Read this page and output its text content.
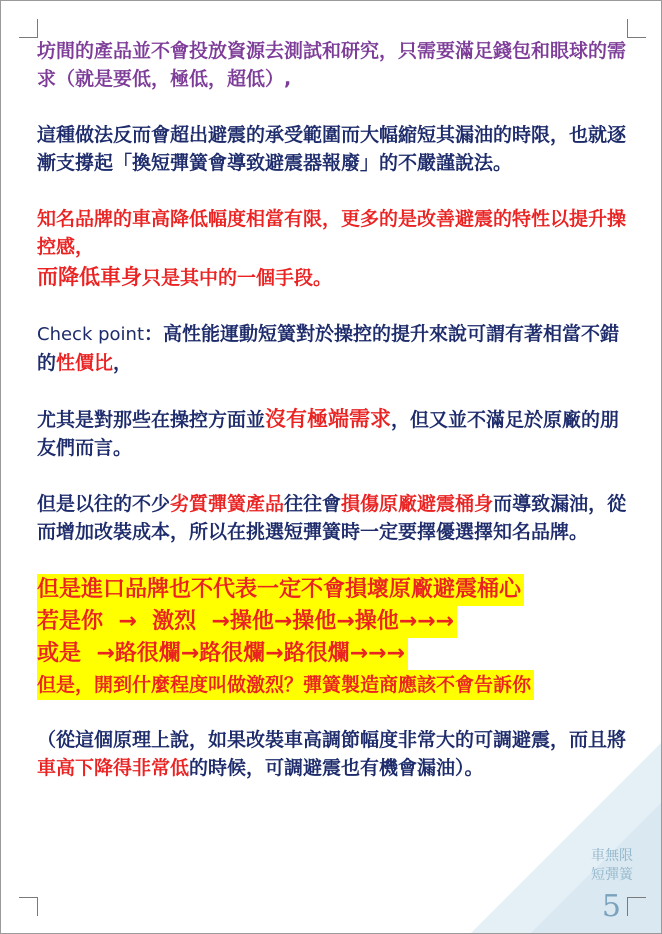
坊間的產品並不會投放資源去測試和研究，只需要滿足錢包和眼球的需求（就是要低，極低，超低）,

這種做法反而會超出避震的承受範圍而大幅縮短其漏油的時限，也就逐漸支撐起「換短彈簧會導致避震器報廢」的不嚴謹說法。

知名品牌的車高降低幅度相當有限，更多的是改善避震的特性以提升操控感，

而降低車身只是其中的一個手段。

Check point：高性能運動短簧對於操控的提升來說可謂有著相當不錯的性價比，

尤其是對那些在操控方面並沒有極端需求，但又並不滿足於原廠的朋友們而言。

但是以往的不少劣質彈簧產品往往會損傷原廠避震桶身而導致漏油，從而增加改裝成本，所以在挑選短彈簧時一定要擇優選擇知名品牌。

但是進口品牌也不代表一定不會損壞原廠避震桶心
若是你  →  激烈  →操他→操他→操他→→→
或是  →路很爛→路很爛→路很爛→→→
但是，開到什麼程度叫做激烈？彈簧製造商應該不會告訴你

（從這個原理上說，如果改裝車高調節幅度非常大的可調避震，而且將車高下降得非常低的時候，可調避震也有機會漏油）。

車無限
短彈簧
5
